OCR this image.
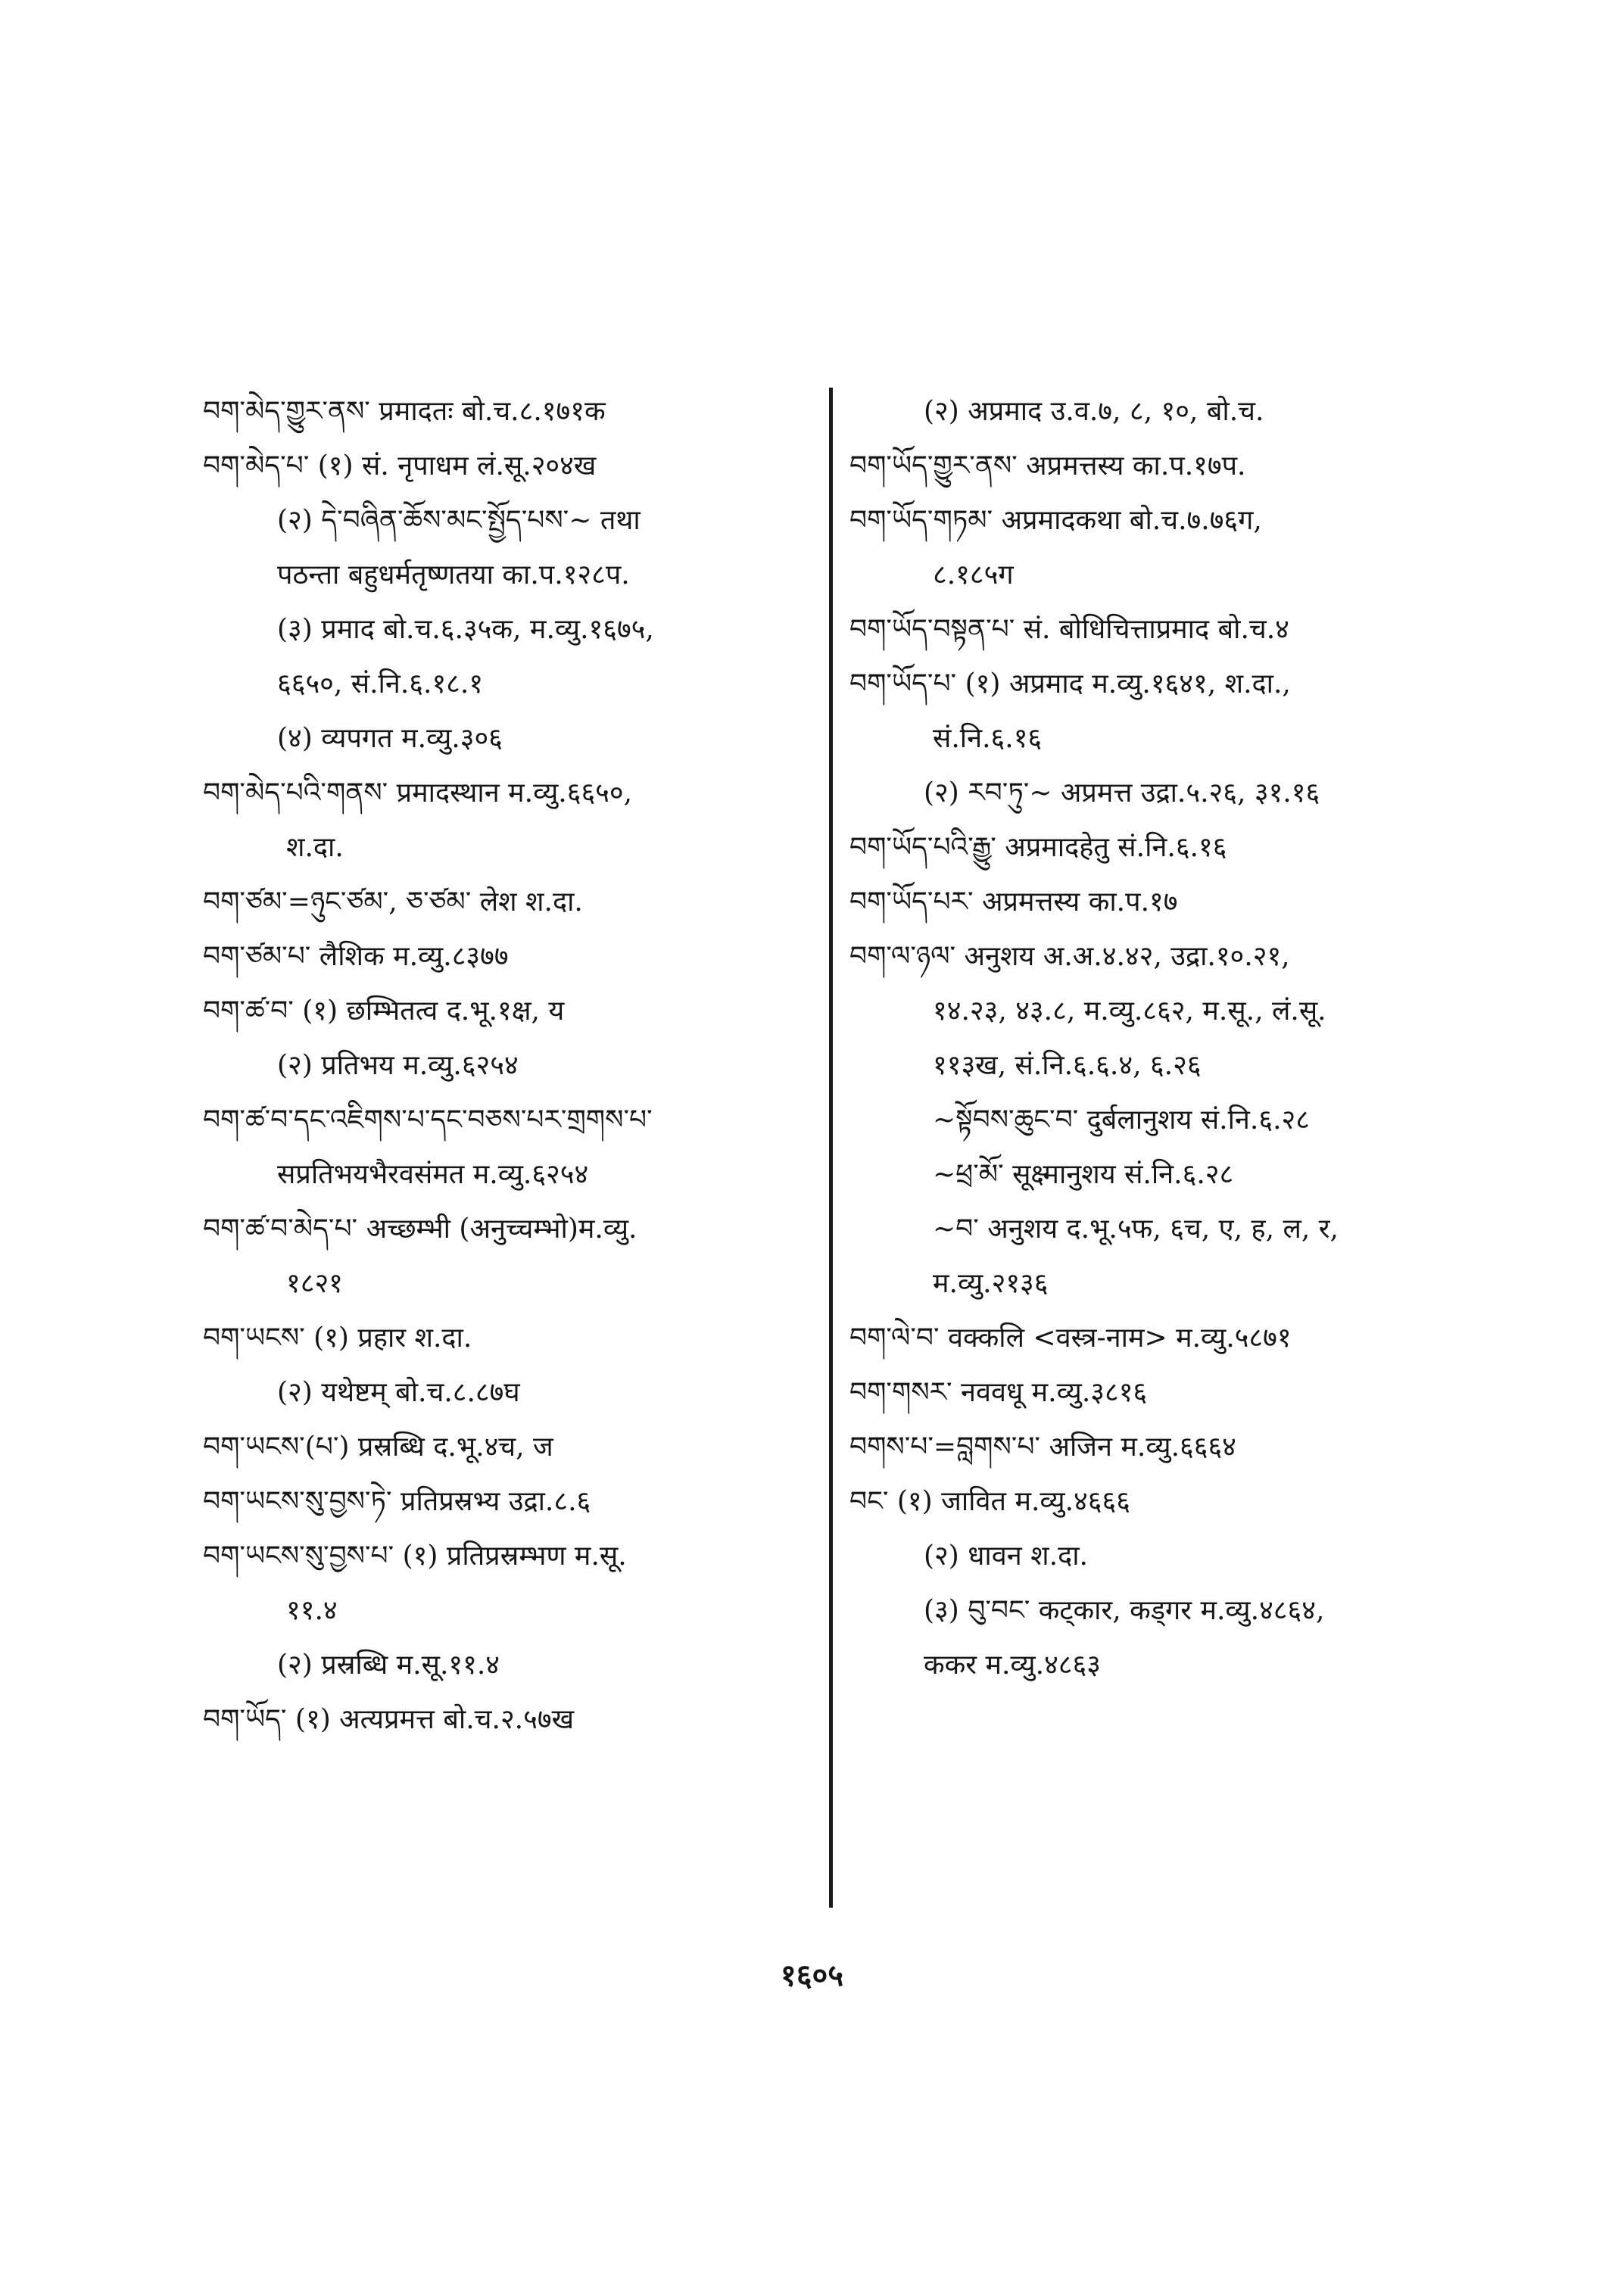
བག་མེད་གྱུར་ནས་ प्रमादतः बो.च.८.१७१क
བག་མེད་པ་ (१) सं. नृपाधम लं.सू.२०४ख
(२) དེ་བཞིན་ཆོས་མང་སྤྱོད་པས་~ तथा
पठन्ता बहुधर्मतृष्णतया का.प.१२८प.
(३) प्रमाद बो.च.६.३५क, म.व्यु.१६७५,
६६५०, सं.नि.६.१८.१
(४) व्यपगत म.व्यु.३०६
བག་མེད་པའི་གནས་ प्रमादस्थान म.व्यु.६६५०,
श.दा.
བག་ཙམ་=ཉུང་ཙམ་, ཅ་ཙམ་ लेश श.दा.
བག་ཙམ་པ་ लैशिक म.व्यु.८३७७
བག་ཚ་བ་ (१) छम्भितत्व द.भू.१क्ष, य
(२) प्रतिभय म.व्यु.६२५४
བག་ཚ་བ་དང་འཇིགས་པ་དང་བཅས་པར་གྲགས་པ་
सप्रतिभयभैरवसंमत म.व्यु.६२५४
བག་ཚ་བ་མེད་པ་ अच्छम्भी (अनुच्चम्भो)म.व्यु.
१८२१
བག་ཡངས་ (१) प्रहार श.दा.
(२) यथेष्टम् बो.च.८.८७घ
བག་ཡངས་(པ་) प्रस्रब्धि द.भू.४च, ज
བག་ཡངས་སུ་བྱས་ཏེ་ प्रतिप्रस्रभ्य उद्रा.८.६
བག་ཡངས་སུ་བྱས་པ་ (१) प्रतिप्रस्रम्भण म.सू.
११.४
(२) प्रस्रब्धि म.सू.११.४
བག་ཡོད་ (१) अत्यप्रमत्त बो.च.२.५७ख
(२) अप्रमाद उ.व.७, ८, १०, बो.च.
བག་ཡོད་གྱུར་ནས་ अप्रमत्तस्य का.प.१७प.
བག་ཡོད་གཏམ་ अप्रमादकथा बो.च.७.७६ग,
८.१८५ग
བག་ཡོད་བསྟན་པ་ सं. बोधिचित्ताप्रमाद बो.च.४
བག་ཡོད་པ་ (१) अप्रमाद म.व्यु.१६४१, श.दा.,
सं.नि.६.१६
(२) རབ་ཏུ་~ अप्रमत्त उद्रा.५.२६, ३१.१६
བག་ཡོད་པའི་རྒྱུ་ अप्रमादहेतु सं.नि.६.१६
བག་ཡོད་པར་ अप्रमत्तस्य का.प.१७
བག་ལ་ཉལ་ अनुशय अ.अ.४.४२, उद्रा.१०.२१,
१४.२३, ४३.८, म.व्यु.८६२, म.सू., लं.सू.
११३ख, सं.नि.६.६.४, ६.२६
~སྟོབས་ཆུང་བ་ दुर्बलानुशय सं.नि.६.२८
~ཕྲ་མོ་ सूक्ष्मानुशय सं.नि.६.२८
~བ་ अनुशय द.भू.५फ, ६च, ए, ह, ल, र,
म.व्यु.२१३६
བག་ལེ་བ་ वक्कलि <वस्त्र-नाम> म.व्यु.५८७१
བག་གསར་ नववधू म.व्यु.३८१६
བགས་པ་=བླགས་པ་ अजिन म.व्यु.६६६४
བང་ (१) जावित म.व्यु.४६६६
(२) धावन श.दा.
(३) བུ་བང་ कट्कार, कड्गर म.व्यु.४८६४,
ककर म.व्यु.४८६३
१६०५
